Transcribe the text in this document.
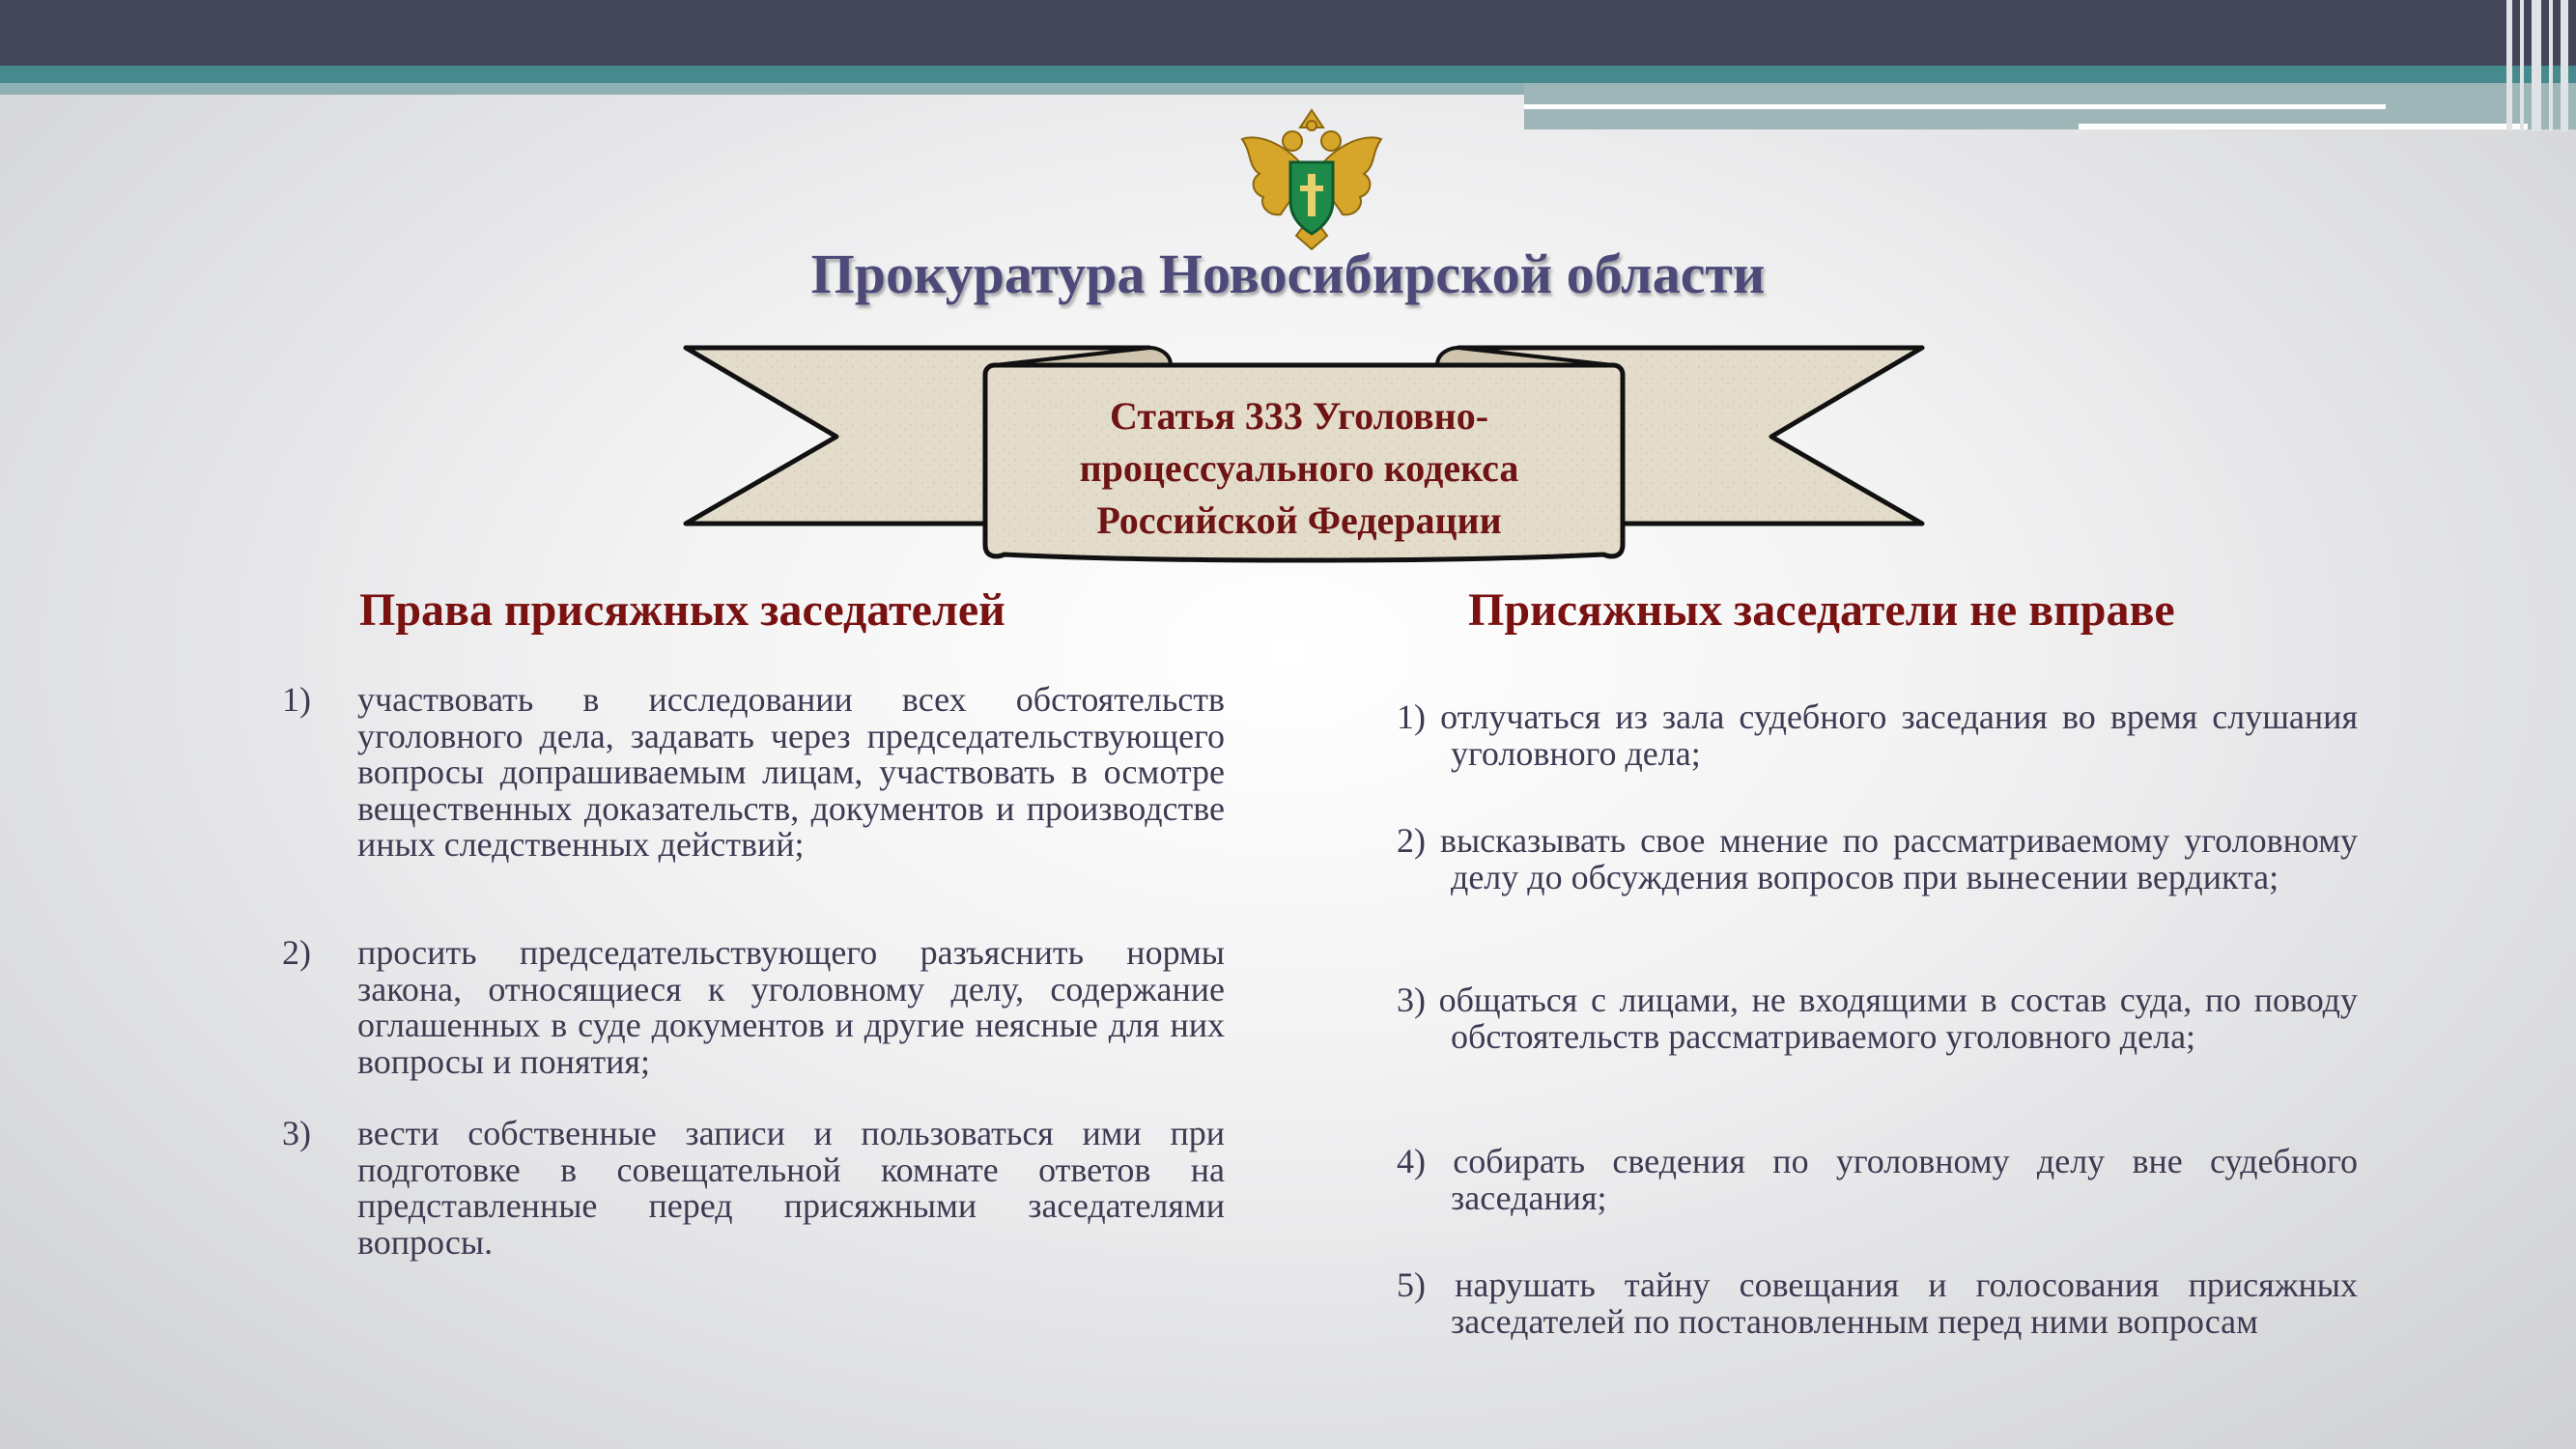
Прокуратура Новосибирской области
Статья 333 Уголовно-
процессуального кодекса
Российской Федерации
Права присяжных заседателей	Присяжных заседатели не вправе
1) участвовать в исследовании всех обстоятельств уголовного дела, задавать через председательствующего вопросы допрашиваемым лицам, участвовать в осмотре вещественных доказательств, документов и производстве иных следственных действий;
2) просить председательствующего разъяснить нормы закона, относящиеся к уголовному делу, содержание оглашенных в суде документов и другие неясные для них вопросы и понятия;
3) вести собственные записи и пользоваться ими при подготовке в совещательной комнате ответов на представленные перед присяжными заседателями вопросы.
1) отлучаться из зала судебного заседания во время слушания уголовного дела;
2) высказывать свое мнение по рассматриваемому уголовному делу до обсуждения вопросов при вынесении вердикта;
3) общаться с лицами, не входящими в состав суда, по поводу обстоятельств рассматриваемого уголовного дела;
4) собирать сведения по уголовному делу вне судебного заседания;
5) нарушать тайну совещания и голосования присяжных заседателей по постановленным перед ними вопросам
